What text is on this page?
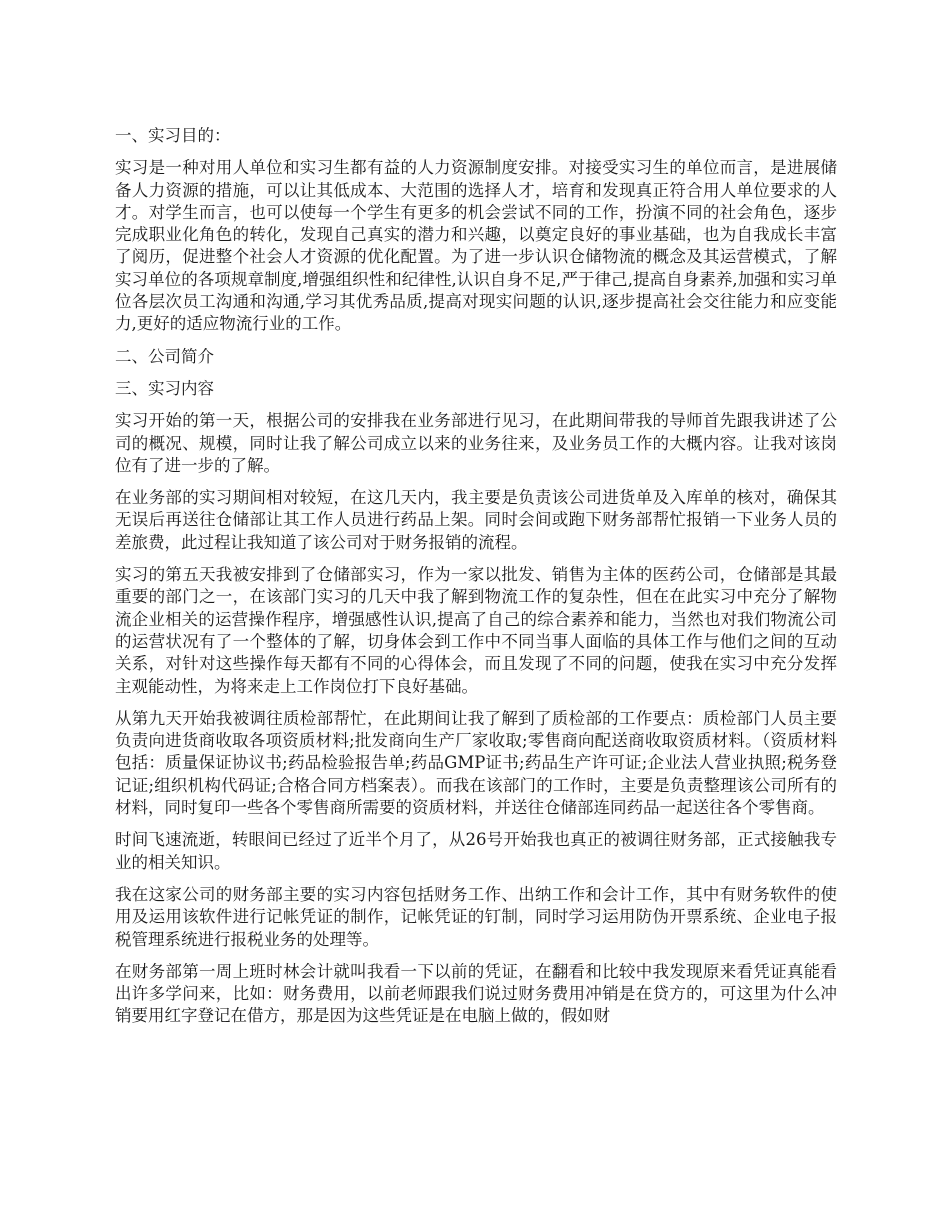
一、实习目的：

实习是一种对用人单位和实习生都有益的人力资源制度安排。对接受实习生的单位而言，是进展储备人力资源的措施，可以让其低成本、大范围的选择人才，培育和发现真正符合用人单位要求的人才。对学生而言，也可以使每一个学生有更多的机会尝试不同的工作，扮演不同的社会角色，逐步完成职业化角色的转化，发现自己真实的潜力和兴趣，以奠定良好的事业基础，也为自我成长丰富了阅历，促进整个社会人才资源的优化配置。为了进一步认识仓储物流的概念及其运营模式，了解实习单位的各项规章制度,增强组织性和纪律性,认识自身不足,严于律己,提高自身素养,加强和实习单位各层次员工沟通和沟通,学习其优秀品质,提高对现实问题的认识,逐步提高社会交往能力和应变能力,更好的适应物流行业的工作。

二、公司简介
三、实习内容

实习开始的第一天，根据公司的安排我在业务部进行见习，在此期间带我的导师首先跟我讲述了公司的概况、规模，同时让我了解公司成立以来的业务往来，及业务员工作的大概内容。让我对该岗位有了进一步的了解。

在业务部的实习期间相对较短，在这几天内，我主要是负责该公司进货单及入库单的核对，确保其无误后再送往仓储部让其工作人员进行药品上架。同时会间或跑下财务部帮忙报销一下业务人员的差旅费，此过程让我知道了该公司对于财务报销的流程。

实习的第五天我被安排到了仓储部实习，作为一家以批发、销售为主体的医药公司，仓储部是其最重要的部门之一，在该部门实习的几天中我了解到物流工作的复杂性，但在在此实习中充分了解物流企业相关的运营操作程序，增强感性认识,提高了自己的综合素养和能力，当然也对我们物流公司的运营状况有了一个整体的了解，切身体会到工作中不同当事人面临的具体工作与他们之间的互动关系，对针对这些操作每天都有不同的心得体会，而且发现了不同的问题，使我在实习中充分发挥主观能动性，为将来走上工作岗位打下良好基础。

从第九天开始我被调往质检部帮忙，在此期间让我了解到了质检部的工作要点：质检部门人员主要负责向进货商收取各项资质材料;批发商向生产厂家收取;零售商向配送商收取资质材料。（资质材料包括：质量保证协议书;药品检验报告单;药品GMP证书;药品生产许可证;企业法人营业执照;税务登记证;组织机构代码证;合格合同方档案表）。而我在该部门的工作时，主要是负责整理该公司所有的材料，同时复印一些各个零售商所需要的资质材料，并送往仓储部连同药品一起送往各个零售商。

时间飞速流逝，转眼间已经过了近半个月了，从26号开始我也真正的被调往财务部，正式接触我专业的相关知识。

我在这家公司的财务部主要的实习内容包括财务工作、出纳工作和会计工作，其中有财务软件的使用及运用该软件进行记帐凭证的制作，记帐凭证的钉制，同时学习运用防伪开票系统、企业电子报税管理系统进行报税业务的处理等。

在财务部第一周上班时林会计就叫我看一下以前的凭证，在翻看和比较中我发现原来看凭证真能看出许多学问来，比如：财务费用，以前老师跟我们说过财务费用冲销是在贷方的，可这里为什么冲销要用红字登记在借方，那是因为这些凭证是在电脑上做的，假如财
